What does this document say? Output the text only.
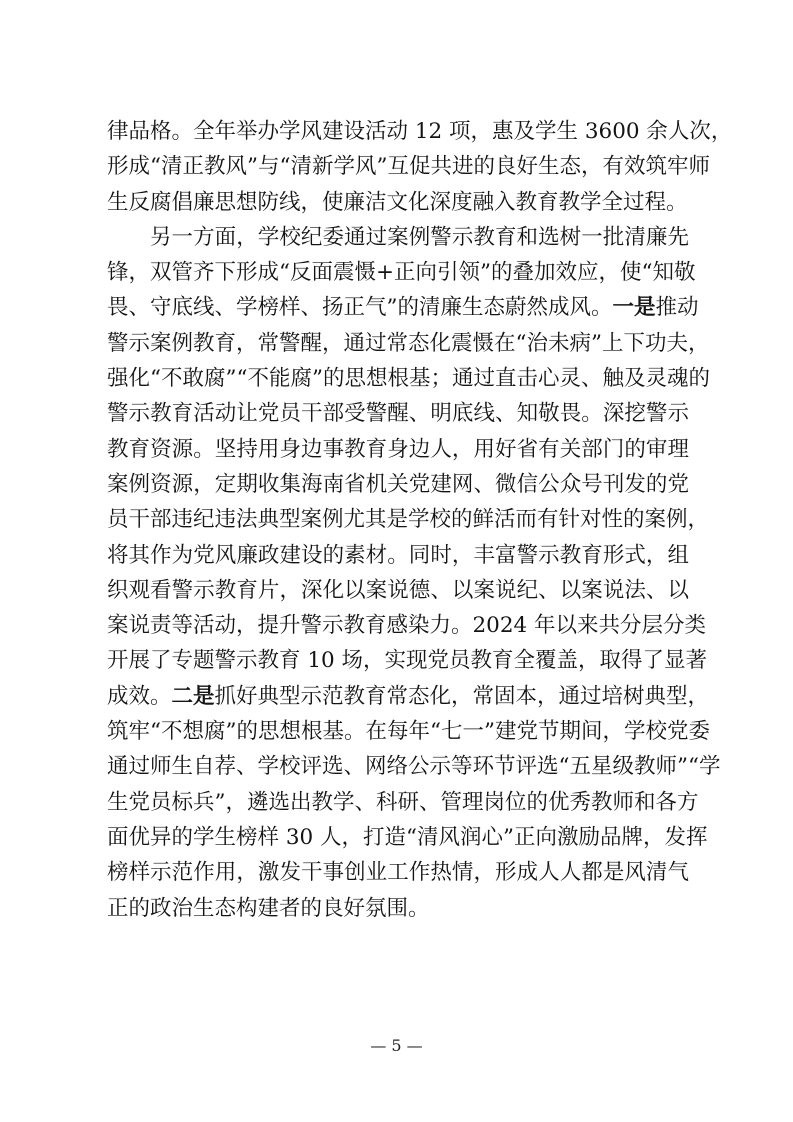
律品格。全年举办学风建设活动 12 项，惠及学生 3600 余人次，
形成“清正教风”与“清新学风”互促共进的良好生态，有效筑牢师
生反腐倡廉思想防线，使廉洁文化深度融入教育教学全过程。
另一方面，学校纪委通过案例警示教育和选树一批清廉先
锋，双管齐下形成“反面震慑+正向引领”的叠加效应，使“知敬
畏、守底线、学榜样、扬正气”的清廉生态蔚然成风。一是推动
警示案例教育，常警醒，通过常态化震慑在“治未病”上下功夫，
强化“不敢腐”“不能腐”的思想根基；通过直击心灵、触及灵魂的
警示教育活动让党员干部受警醒、明底线、知敬畏。深挖警示
教育资源。坚持用身边事教育身边人，用好省有关部门的审理
案例资源，定期收集海南省机关党建网、微信公众号刊发的党
员干部违纪违法典型案例尤其是学校的鲜活而有针对性的案例，
将其作为党风廉政建设的素材。同时，丰富警示教育形式，组
织观看警示教育片，深化以案说德、以案说纪、以案说法、以
案说责等活动，提升警示教育感染力。2024 年以来共分层分类
开展了专题警示教育 10 场，实现党员教育全覆盖，取得了显著
成效。二是抓好典型示范教育常态化，常固本，通过培树典型，
筑牢“不想腐”的思想根基。在每年“七一”建党节期间，学校党委
通过师生自荐、学校评选、网络公示等环节评选“五星级教师”“学
生党员标兵”，遴选出教学、科研、管理岗位的优秀教师和各方
面优异的学生榜样 30 人，打造“清风润心”正向激励品牌，发挥
榜样示范作用，激发干事创业工作热情，形成人人都是风清气
正的政治生态构建者的良好氛围。
— 5 —
